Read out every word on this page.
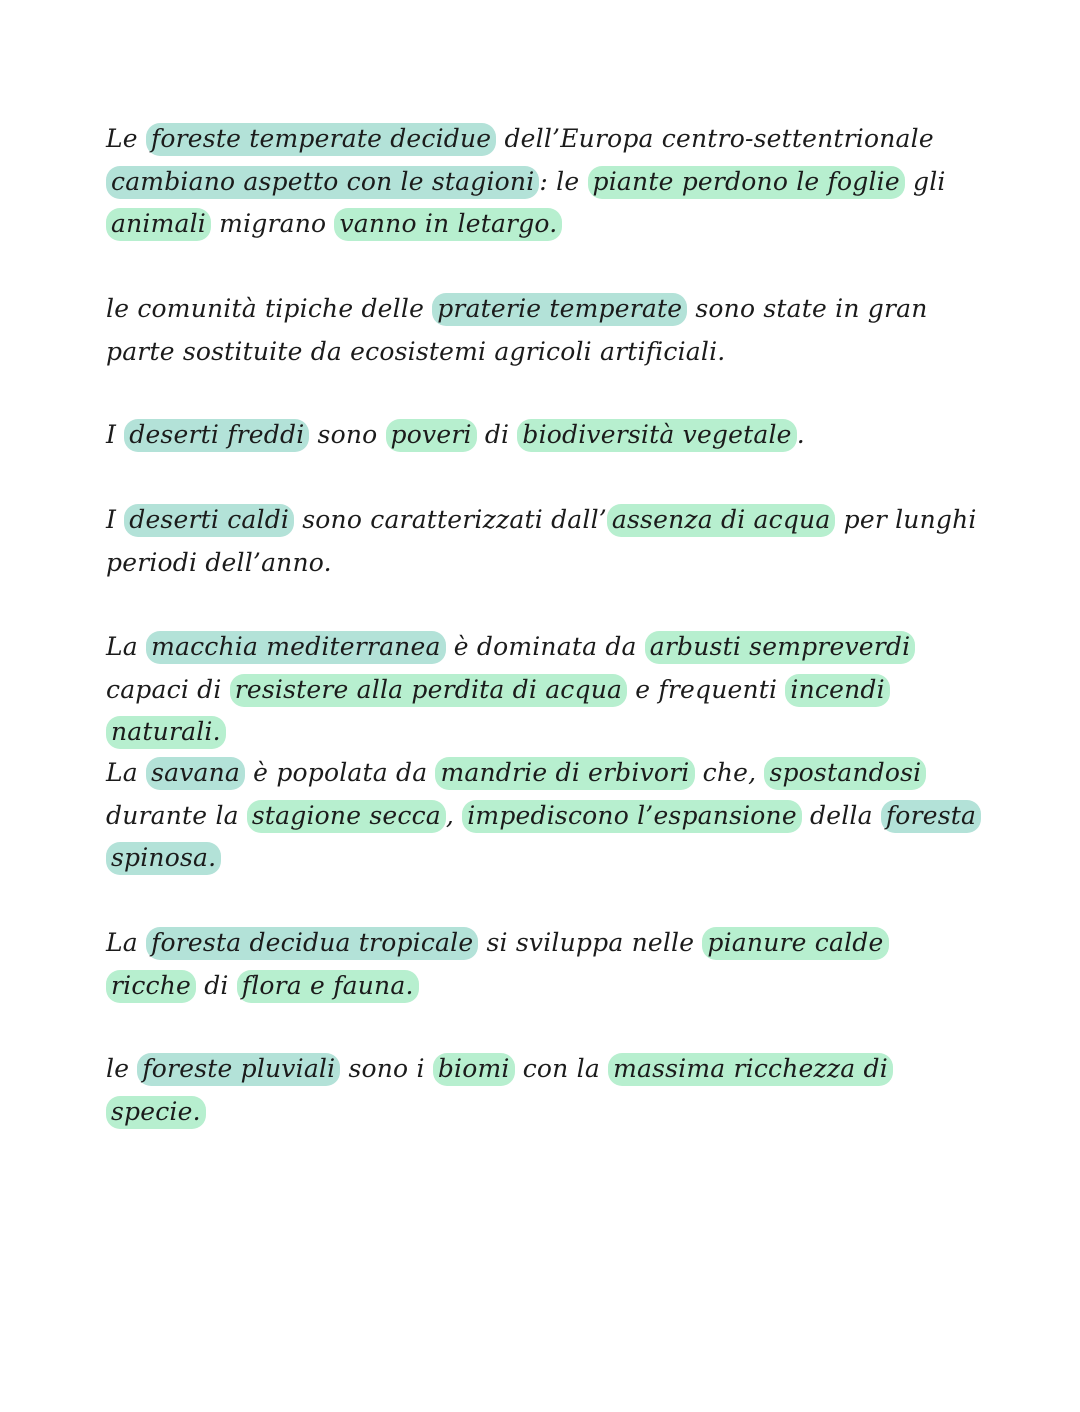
Le foreste temperate decidue dell’Europa centro-settentrionale cambiano aspetto con le stagioni : le piante perdono le foglie gli animali migrano vanno in letargo.

le comunità tipiche delle praterie temperate sono state in gran parte sostituite da ecosistemi agricoli artificiali.

I deserti freddi sono poveri di biodiversità vegetale .

I deserti caldi sono caratterizzati dall’ assenza di acqua per lunghi periodi dell’anno.

La macchia mediterranea è dominata da arbusti sempreverdi capaci di resistere alla perdita di acqua e frequenti incendi naturali.

La savana è popolata da mandrie di erbivori che, spostandosi durante la stagione secca , impediscono l’espansione della foresta spinosa.

La foresta decidua tropicale si sviluppa nelle pianure calde ricche di flora e fauna.

le foreste pluviali sono i biomi con la massima ricchezza di specie.
